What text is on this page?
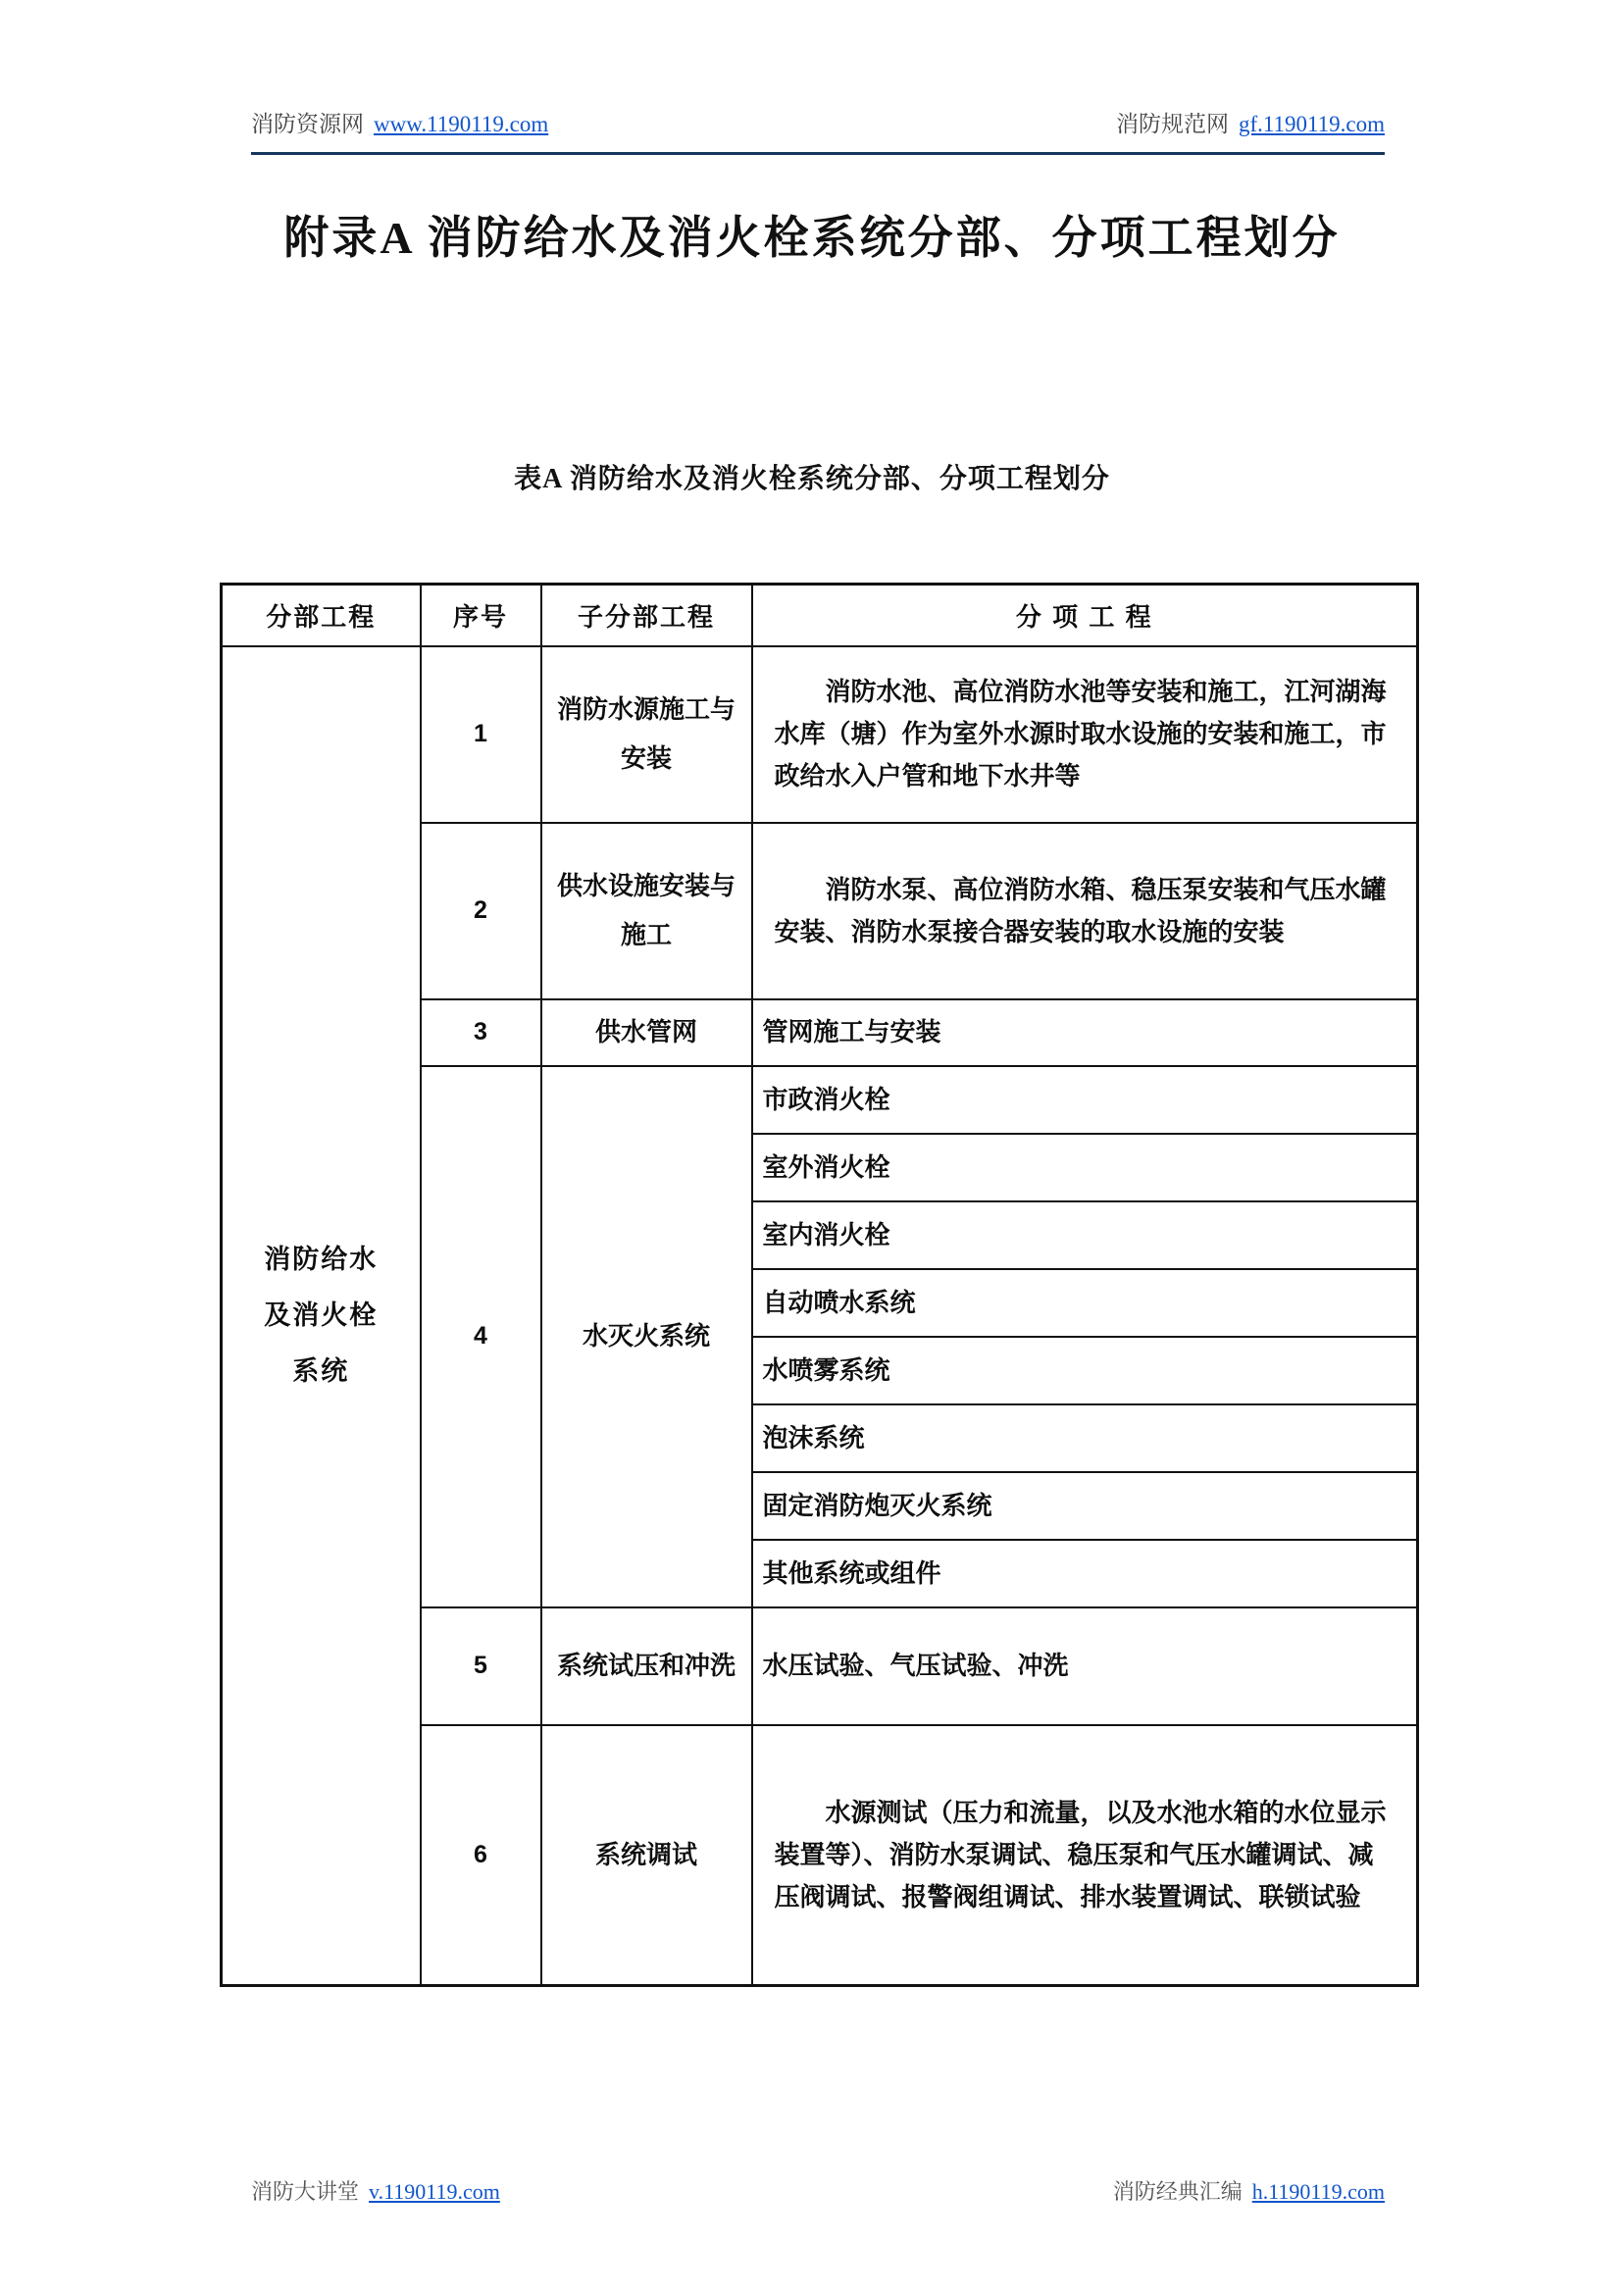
消防资源网 www.1190119.com	消防规范网 gf.1190119.com
附录A 消防给水及消火栓系统分部、分项工程划分
表A 消防给水及消火栓系统分部、分项工程划分
分部工程	序号	子分部工程	分 项 工 程

消防给水及消火栓系统	1	消防水源施工与安装	消防水池、高位消防水池等安装和施工，江河湖海水库（塘）作为室外水源时取水设施的安装和施工，市政给水入户管和地下水井等
	2	供水设施安装与施工	消防水泵、高位消防水箱、稳压泵安装和气压水罐安装、消防水泵接合器安装的取水设施的安装
	3	供水管网	管网施工与安装
	4	水灭火系统	市政消火栓
			室外消火栓
			室内消火栓
			自动喷水系统
			水喷雾系统
			泡沫系统
			固定消防炮灭火系统
			其他系统或组件
	5	系统试压和冲洗	水压试验、气压试验、冲洗
	6	系统调试	水源测试（压力和流量，以及水池水箱的水位显示装置等）、消防水泵调试、稳压泵和气压水罐调试、减压阀调试、报警阀组调试、排水装置调试、联锁试验
消防大讲堂 v.1190119.com	消防经典汇编 h.1190119.com
